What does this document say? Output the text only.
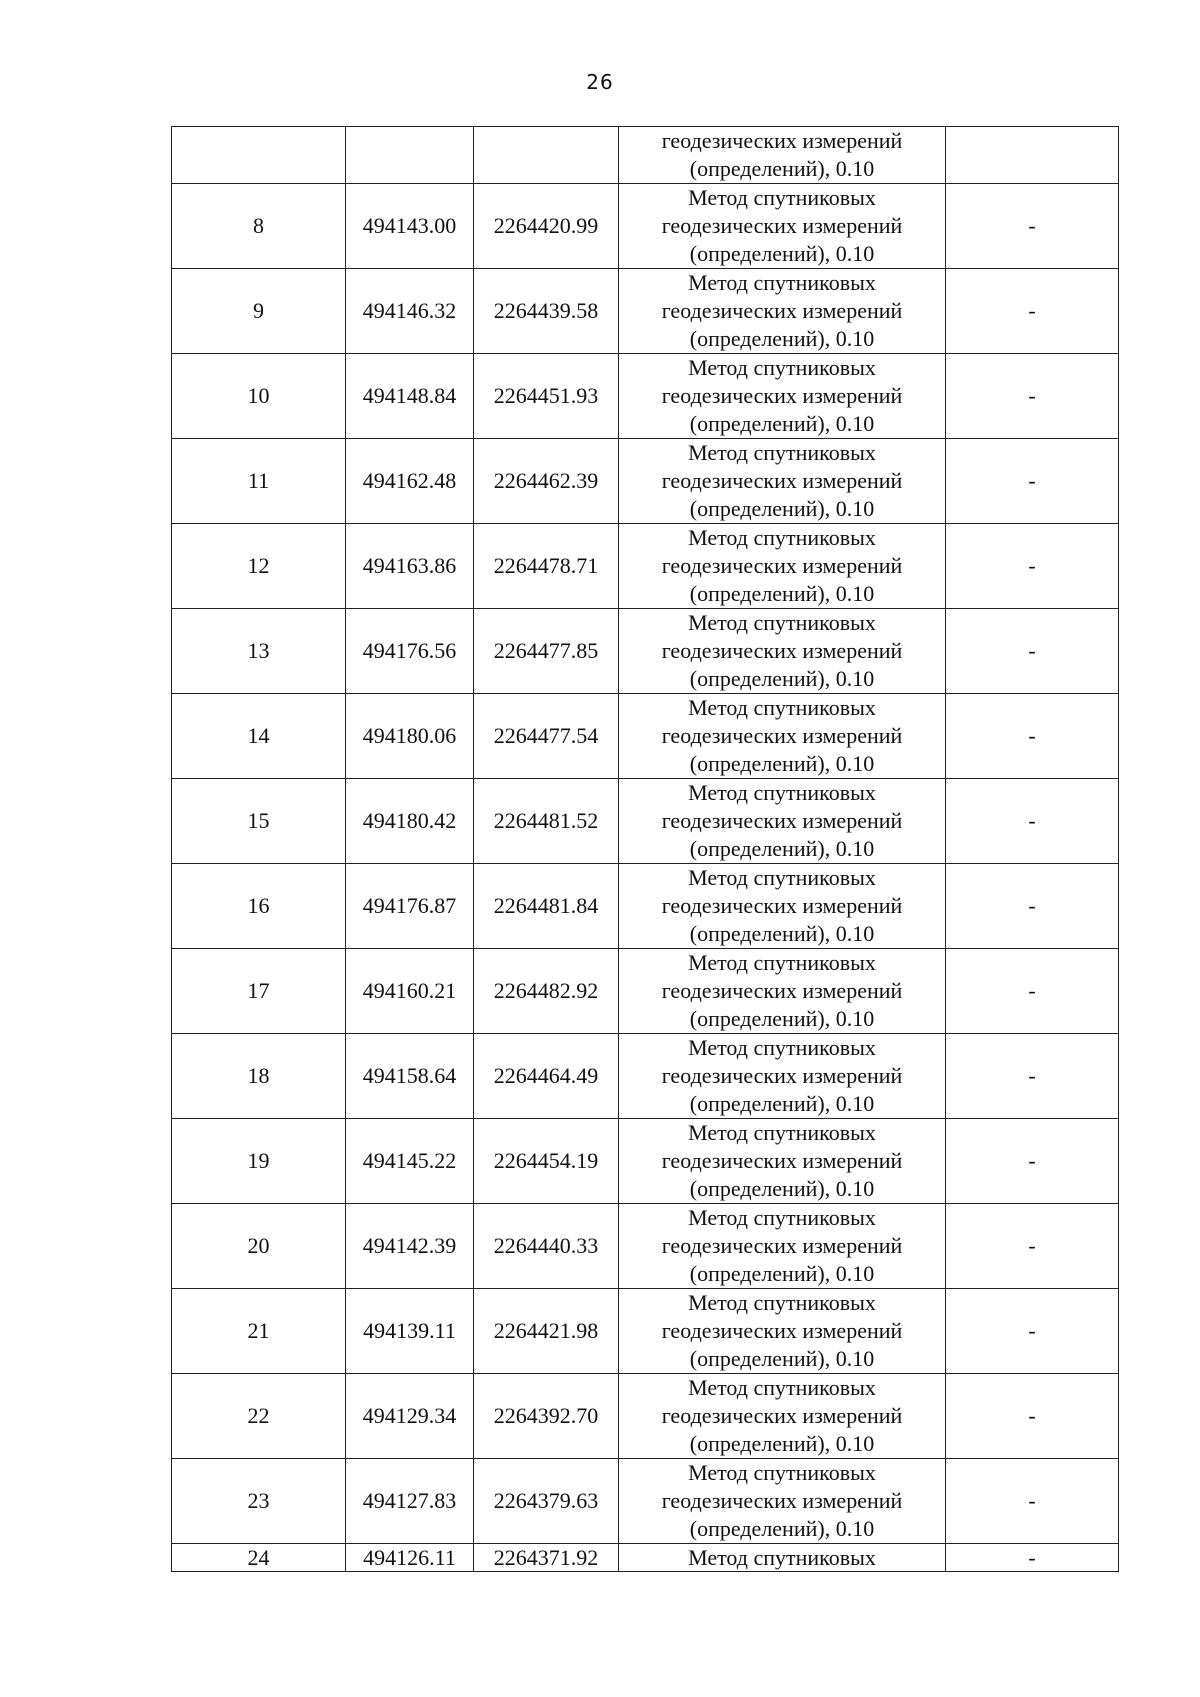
26

			геодезических измерений
(определений), 0.10	

8	494143.00	2264420.99	Метод спутниковых
геодезических измерений
(определений), 0.10	-
9	494146.32	2264439.58	Метод спутниковых
геодезических измерений
(определений), 0.10	-
10	494148.84	2264451.93	Метод спутниковых
геодезических измерений
(определений), 0.10	-
11	494162.48	2264462.39	Метод спутниковых
геодезических измерений
(определений), 0.10	-
12	494163.86	2264478.71	Метод спутниковых
геодезических измерений
(определений), 0.10	-
13	494176.56	2264477.85	Метод спутниковых
геодезических измерений
(определений), 0.10	-
14	494180.06	2264477.54	Метод спутниковых
геодезических измерений
(определений), 0.10	-
15	494180.42	2264481.52	Метод спутниковых
геодезических измерений
(определений), 0.10	-
16	494176.87	2264481.84	Метод спутниковых
геодезических измерений
(определений), 0.10	-
17	494160.21	2264482.92	Метод спутниковых
геодезических измерений
(определений), 0.10	-
18	494158.64	2264464.49	Метод спутниковых
геодезических измерений
(определений), 0.10	-
19	494145.22	2264454.19	Метод спутниковых
геодезических измерений
(определений), 0.10	-
20	494142.39	2264440.33	Метод спутниковых
геодезических измерений
(определений), 0.10	-
21	494139.11	2264421.98	Метод спутниковых
геодезических измерений
(определений), 0.10	-
22	494129.34	2264392.70	Метод спутниковых
геодезических измерений
(определений), 0.10	-
23	494127.83	2264379.63	Метод спутниковых
геодезических измерений
(определений), 0.10	-
24	494126.11	2264371.92	Метод спутниковых	-
